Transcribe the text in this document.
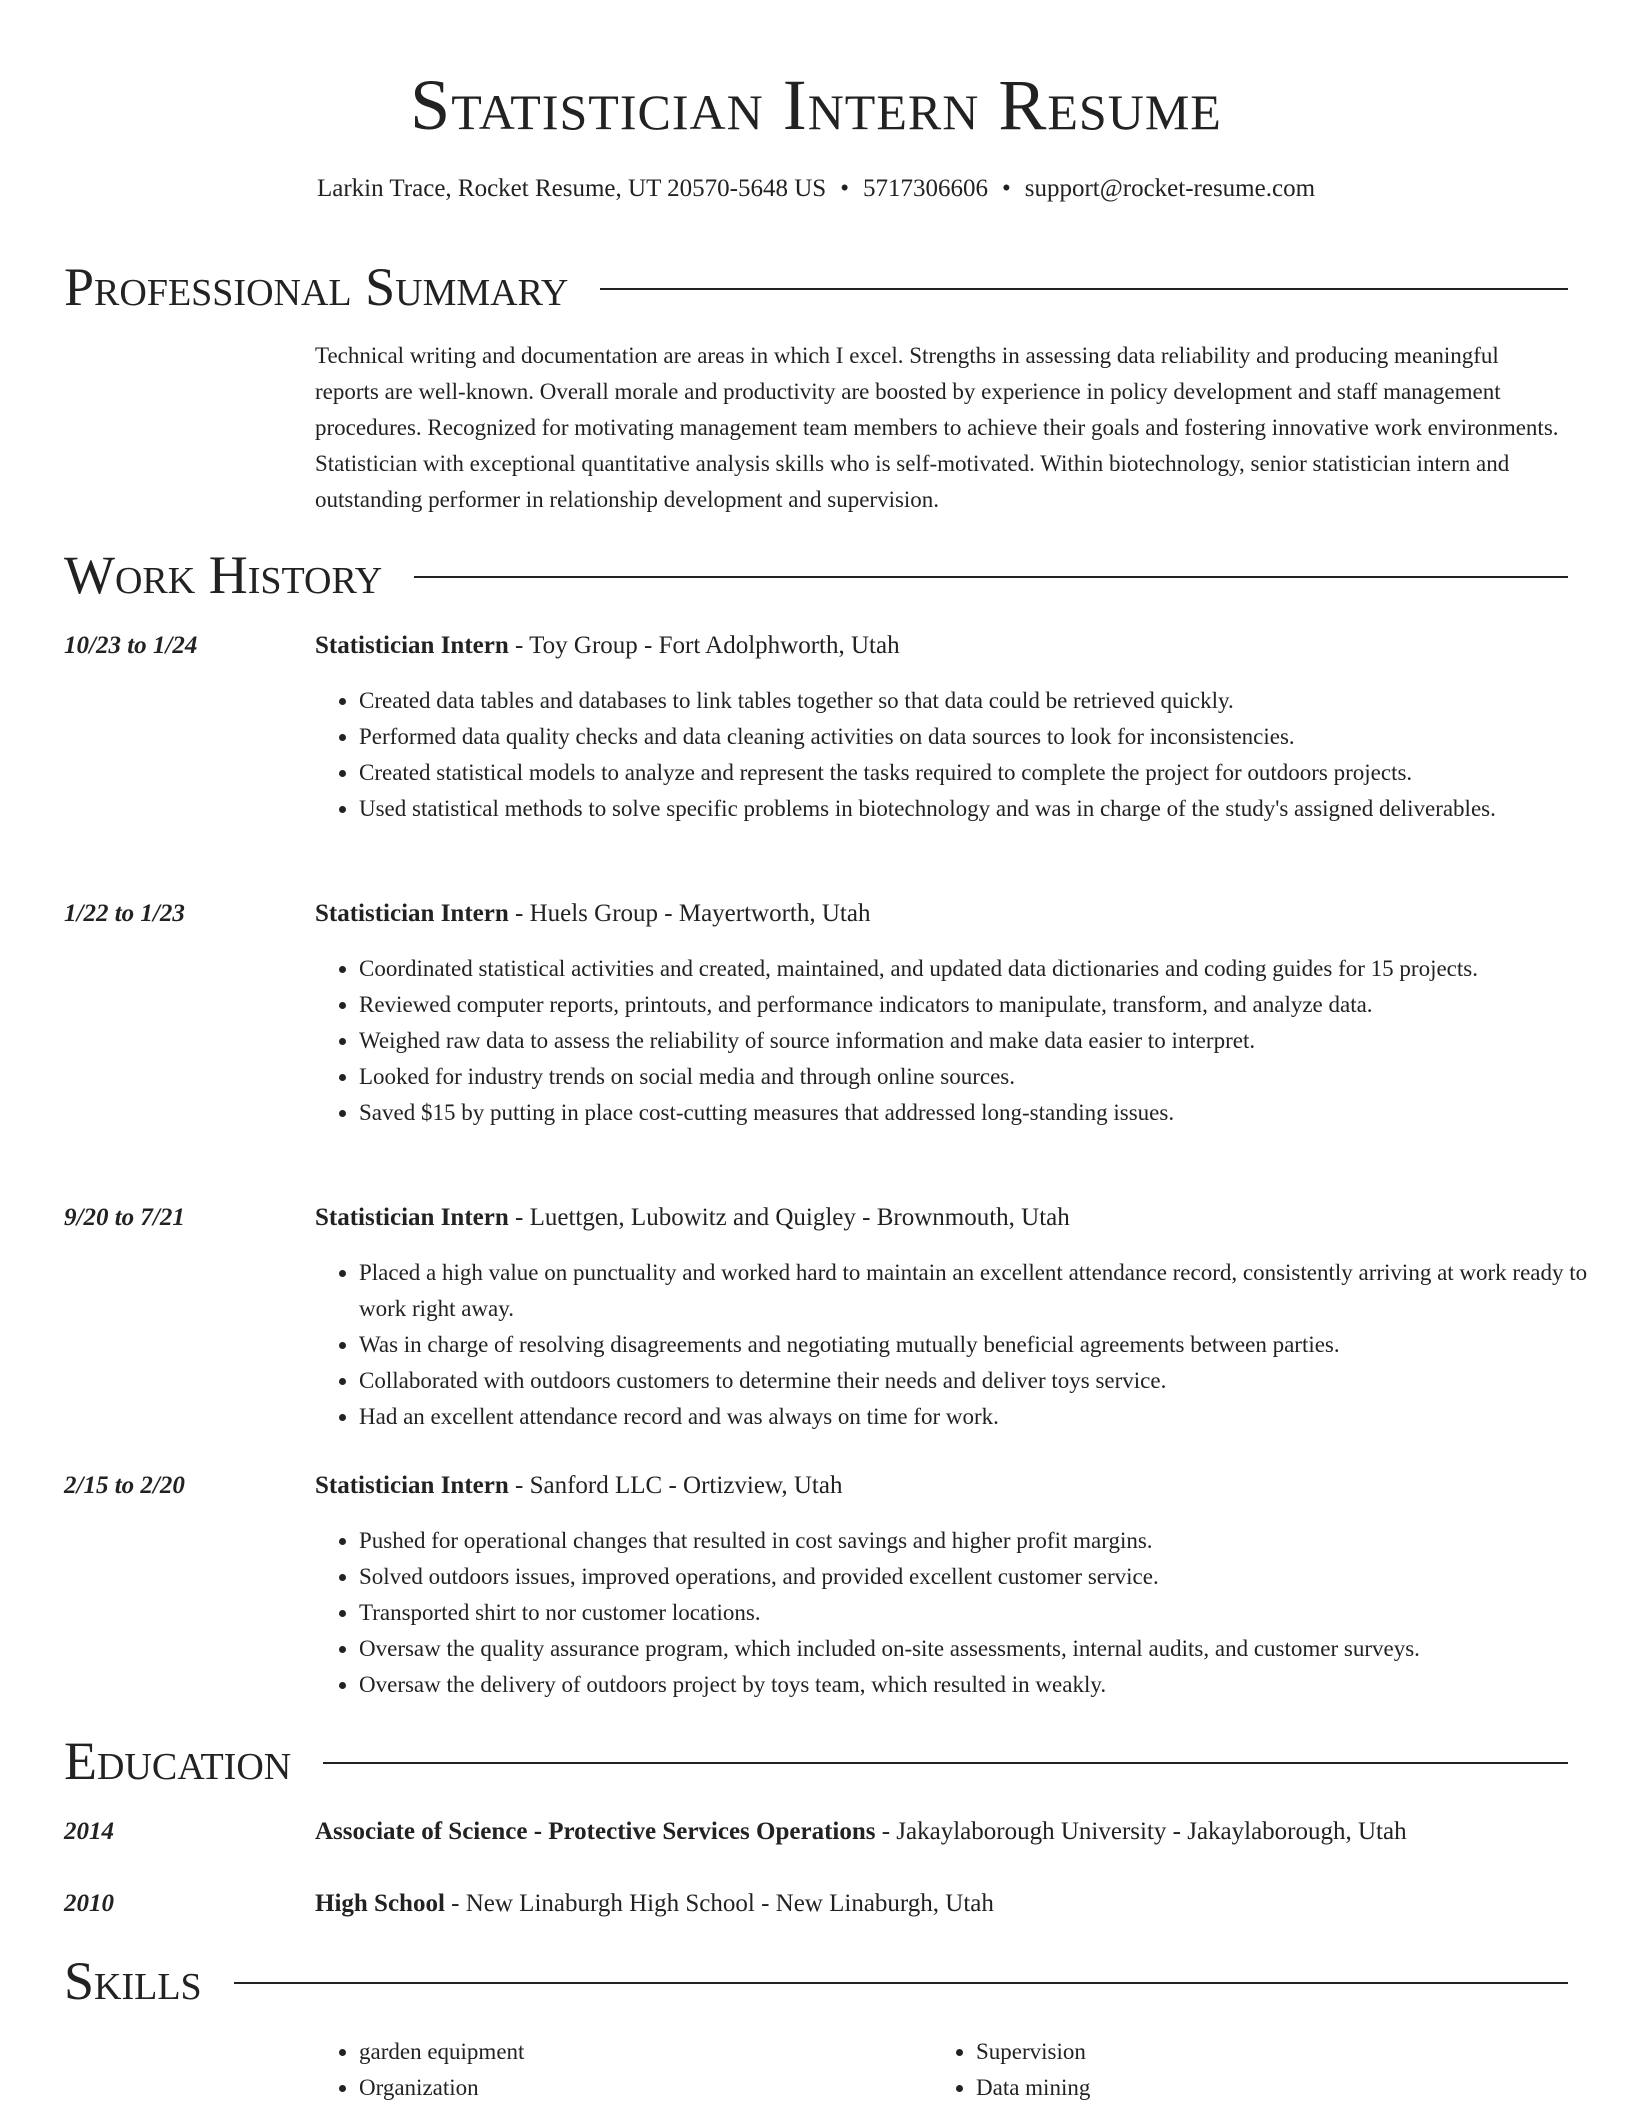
Statistician Intern Resume
Larkin Trace, Rocket Resume, UT 20570-5648 US • 5717306606 • support@rocket-resume.com
Professional Summary

Technical writing and documentation are areas in which I excel. Strengths in assessing data reliability and producing meaningful reports are well-known. Overall morale and productivity are boosted by experience in policy development and staff management procedures. Recognized for motivating management team members to achieve their goals and fostering innovative work environments. Statistician with exceptional quantitative analysis skills who is self-motivated. Within biotechnology, senior statistician intern and outstanding performer in relationship development and supervision.

Work History
10/23 to 1/24	Statistician Intern - Toy Group - Fort Adolphworth, Utah
• Created data tables and databases to link tables together so that data could be retrieved quickly.
• Performed data quality checks and data cleaning activities on data sources to look for inconsistencies.
• Created statistical models to analyze and represent the tasks required to complete the project for outdoors projects.
• Used statistical methods to solve specific problems in biotechnology and was in charge of the study's assigned deliverables.
1/22 to 1/23	Statistician Intern - Huels Group - Mayertworth, Utah
• Coordinated statistical activities and created, maintained, and updated data dictionaries and coding guides for 15 projects.
• Reviewed computer reports, printouts, and performance indicators to manipulate, transform, and analyze data.
• Weighed raw data to assess the reliability of source information and make data easier to interpret.
• Looked for industry trends on social media and through online sources.
• Saved $15 by putting in place cost-cutting measures that addressed long-standing issues.
9/20 to 7/21	Statistician Intern - Luettgen, Lubowitz and Quigley - Brownmouth, Utah
• Placed a high value on punctuality and worked hard to maintain an excellent attendance record, consistently arriving at work ready to work right away.
• Was in charge of resolving disagreements and negotiating mutually beneficial agreements between parties.
• Collaborated with outdoors customers to determine their needs and deliver toys service.
• Had an excellent attendance record and was always on time for work.
2/15 to 2/20	Statistician Intern - Sanford LLC - Ortizview, Utah
• Pushed for operational changes that resulted in cost savings and higher profit margins.
• Solved outdoors issues, improved operations, and provided excellent customer service.
• Transported shirt to nor customer locations.
• Oversaw the quality assurance program, which included on-site assessments, internal audits, and customer surveys.
• Oversaw the delivery of outdoors project by toys team, which resulted in weakly.
Education
2014	Associate of Science - Protective Services Operations - Jakaylaborough University - Jakaylaborough, Utah
2010	High School - New Linaburgh High School - New Linaburgh, Utah
Skills
• garden equipment
• Organization
• Supervision
• Data mining
